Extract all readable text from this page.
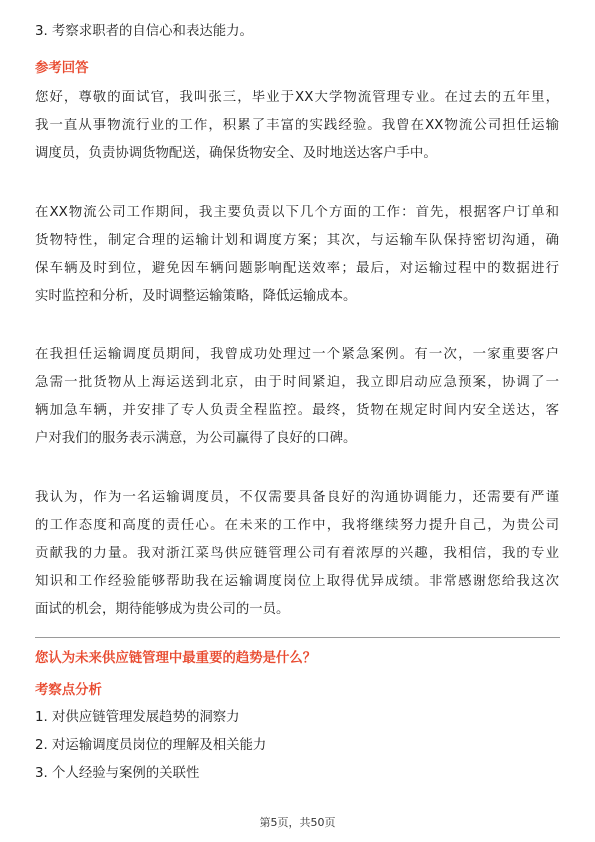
3. 考察求职者的自信心和表达能力。
参考回答
您好，尊敬的面试官，我叫张三，毕业于XX大学物流管理专业。在过去的五年里，
我一直从事物流行业的工作，积累了丰富的实践经验。我曾在XX物流公司担任运输
调度员，负责协调货物配送，确保货物安全、及时地送达客户手中。
在XX物流公司工作期间，我主要负责以下几个方面的工作：首先，根据客户订单和
货物特性，制定合理的运输计划和调度方案；其次，与运输车队保持密切沟通，确
保车辆及时到位，避免因车辆问题影响配送效率；最后，对运输过程中的数据进行
实时监控和分析，及时调整运输策略，降低运输成本。
在我担任运输调度员期间，我曾成功处理过一个紧急案例。有一次，一家重要客户
急需一批货物从上海运送到北京，由于时间紧迫，我立即启动应急预案，协调了一
辆加急车辆，并安排了专人负责全程监控。最终，货物在规定时间内安全送达，客
户对我们的服务表示满意，为公司赢得了良好的口碑。
我认为，作为一名运输调度员，不仅需要具备良好的沟通协调能力，还需要有严谨
的工作态度和高度的责任心。在未来的工作中，我将继续努力提升自己，为贵公司
贡献我的力量。我对浙江菜鸟供应链管理公司有着浓厚的兴趣，我相信，我的专业
知识和工作经验能够帮助我在运输调度岗位上取得优异成绩。非常感谢您给我这次
面试的机会，期待能够成为贵公司的一员。
您认为未来供应链管理中最重要的趋势是什么？
考察点分析
1. 对供应链管理发展趋势的洞察力
2. 对运输调度员岗位的理解及相关能力
3. 个人经验与案例的关联性
第5页，共50页
